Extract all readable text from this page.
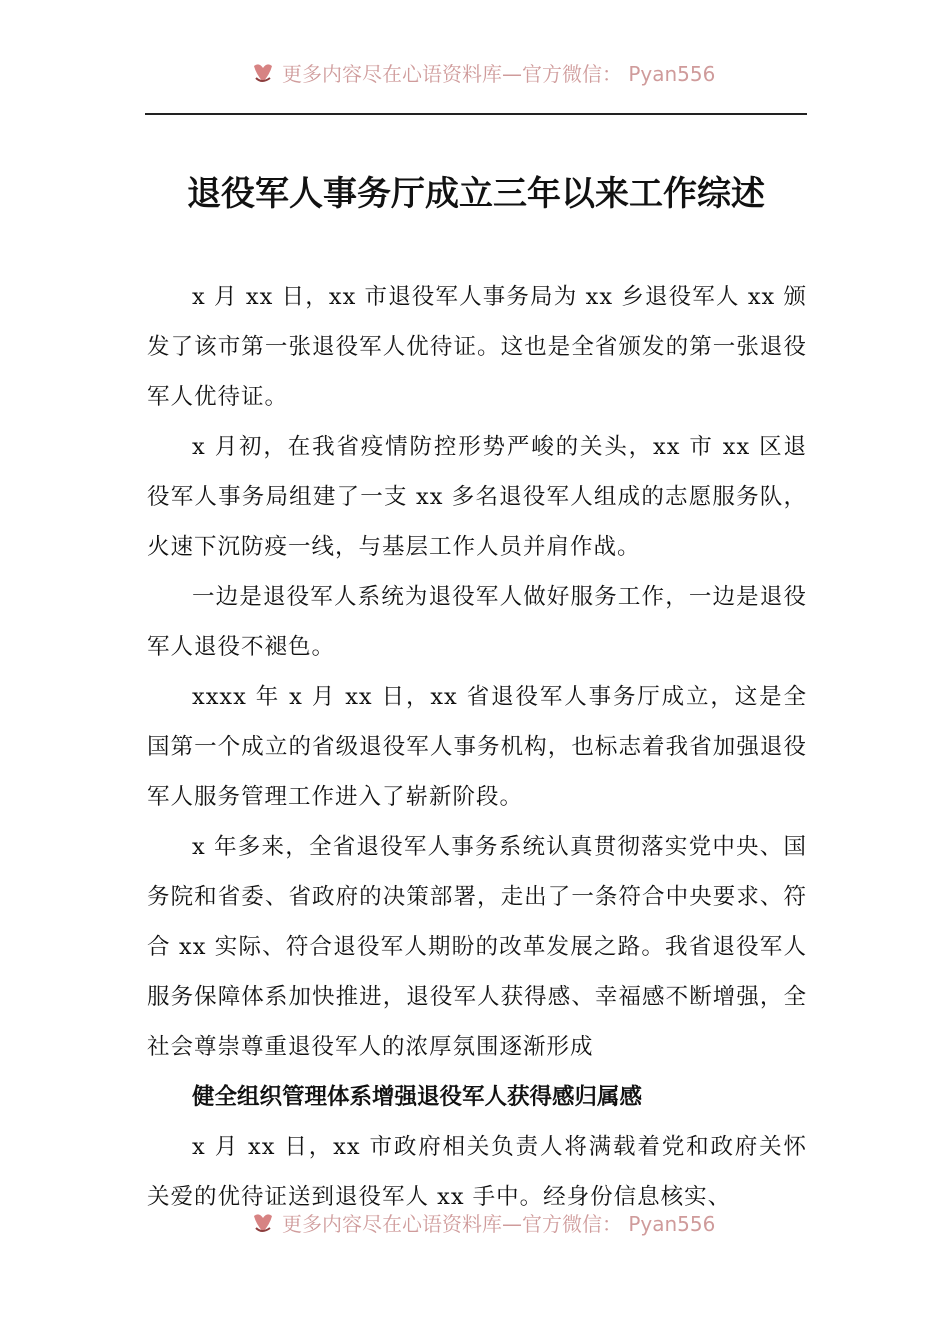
更多内容尽在心语资料库—官方微信： Pyan556
退役军人事务厅成立三年以来工作综述

x 月 xx 日，xx 市退役军人事务局为 xx 乡退役军人 xx 颁发了该市第一张退役军人优待证。这也是全省颁发的第一张退役军人优待证。

x 月初，在我省疫情防控形势严峻的关头，xx 市 xx 区退役军人事务局组建了一支 xx 多名退役军人组成的志愿服务队，火速下沉防疫一线，与基层工作人员并肩作战。

一边是退役军人系统为退役军人做好服务工作，一边是退役军人退役不褪色。

xxxx 年 x 月 xx 日，xx 省退役军人事务厅成立，这是全国第一个成立的省级退役军人事务机构，也标志着我省加强退役军人服务管理工作进入了崭新阶段。

x 年多来，全省退役军人事务系统认真贯彻落实党中央、国务院和省委、省政府的决策部署，走出了一条符合中央要求、符合 xx 实际、符合退役军人期盼的改革发展之路。我省退役军人服务保障体系加快推进，退役军人获得感、幸福感不断增强，全社会尊崇尊重退役军人的浓厚氛围逐渐形成

健全组织管理体系增强退役军人获得感归属感

x 月 xx 日，xx 市政府相关负责人将满载着党和政府关怀关爱的优待证送到退役军人 xx 手中。经身份信息核实、

更多内容尽在心语资料库—官方微信： Pyan556
